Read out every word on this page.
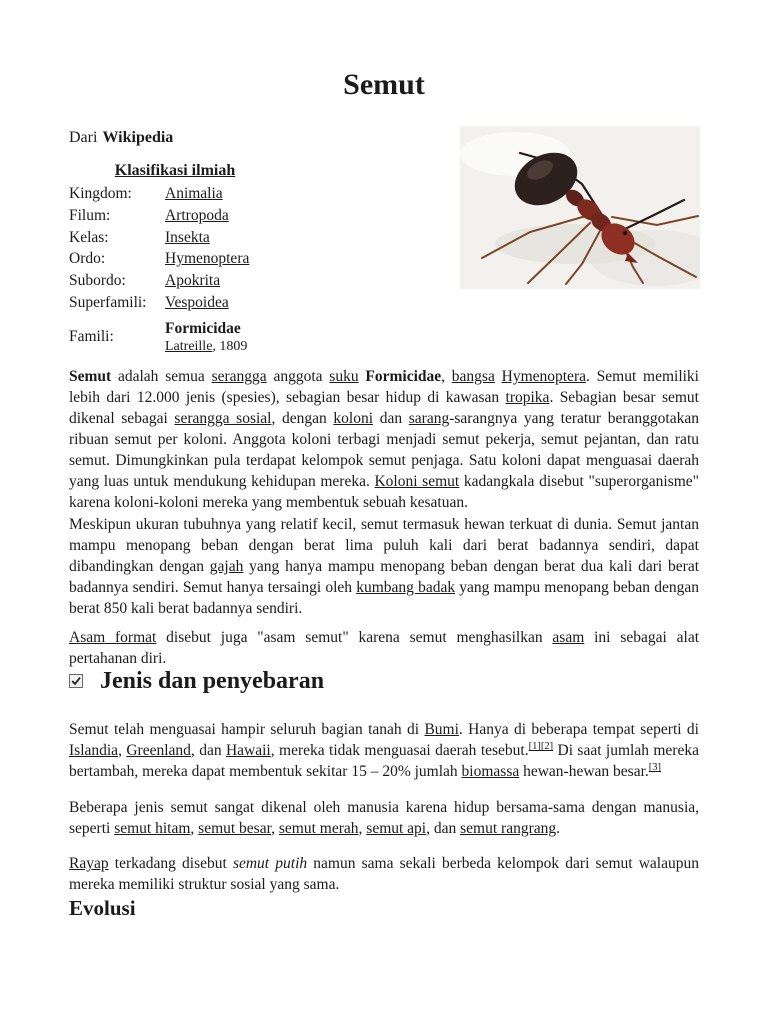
Semut

Dari Wikipedia

Klasifikasi ilmiah
Kingdom:	Animalia
Filum:	Artropoda
Kelas:	Insekta
Ordo:	Hymenoptera
Subordo:	Apokrita
Superfamili:	Vespoidea
Famili:	Formicidae
Latreille, 1809

Semut adalah semua serangga anggota suku Formicidae, bangsa Hymenoptera. Semut memiliki lebih dari 12.000 jenis (spesies), sebagian besar hidup di kawasan tropika. Sebagian besar semut dikenal sebagai serangga sosial, dengan koloni dan sarang-sarangnya yang teratur beranggotakan ribuan semut per koloni. Anggota koloni terbagi menjadi semut pekerja, semut pejantan, dan ratu semut. Dimungkinkan pula terdapat kelompok semut penjaga. Satu koloni dapat menguasai daerah yang luas untuk mendukung kehidupan mereka. Koloni semut kadangkala disebut "superorganisme" karena koloni-koloni mereka yang membentuk sebuah kesatuan.

Meskipun ukuran tubuhnya yang relatif kecil, semut termasuk hewan terkuat di dunia. Semut jantan mampu menopang beban dengan berat lima puluh kali dari berat badannya sendiri, dapat dibandingkan dengan gajah yang hanya mampu menopang beban dengan berat dua kali dari berat badannya sendiri. Semut hanya tersaingi oleh kumbang badak yang mampu menopang beban dengan berat 850 kali berat badannya sendiri.

Asam format disebut juga "asam semut" karena semut menghasilkan asam ini sebagai alat pertahanan diri.

Jenis dan penyebaran

Semut telah menguasai hampir seluruh bagian tanah di Bumi. Hanya di beberapa tempat seperti di Islandia, Greenland, dan Hawaii, mereka tidak menguasai daerah tesebut.[1][2] Di saat jumlah mereka bertambah, mereka dapat membentuk sekitar 15 – 20% jumlah biomassa hewan-hewan besar.[3]

Beberapa jenis semut sangat dikenal oleh manusia karena hidup bersama-sama dengan manusia, seperti semut hitam, semut besar, semut merah, semut api, dan semut rangrang.

Rayap terkadang disebut semut putih namun sama sekali berbeda kelompok dari semut walaupun mereka memiliki struktur sosial yang sama.

Evolusi
